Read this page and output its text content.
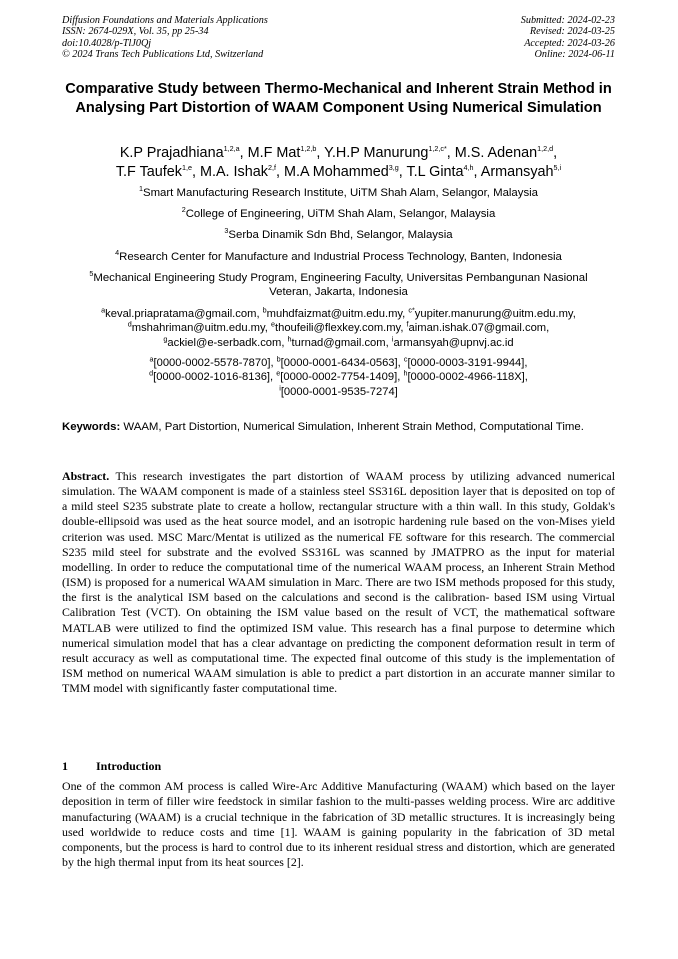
Diffusion Foundations and Materials Applications
ISSN: 2674-029X, Vol. 35, pp 25-34
doi:10.4028/p-TlJ0Qj
© 2024 Trans Tech Publications Ltd, Switzerland
Submitted: 2024-02-23
Revised: 2024-03-25
Accepted: 2024-03-26
Online: 2024-06-11
Comparative Study between Thermo-Mechanical and Inherent Strain Method in Analysing Part Distortion of WAAM Component Using Numerical Simulation
K.P Prajadhiana$^{1,2,a}$, M.F Mat$^{1,2,b}$, Y.H.P Manurung$^{1,2,c*}$, M.S. Adenan$^{1,2,d}$,
T.F Taufek$^{1,e}$, M.A. Ishak$^{2,f}$, M.A Mohammed$^{3,g}$, T.L Ginta$^{4,h}$, Armansyah$^{5,i}$
$^1$Smart Manufacturing Research Institute, UiTM Shah Alam, Selangor, Malaysia
$^2$College of Engineering, UiTM Shah Alam, Selangor, Malaysia
$^3$Serba Dinamik Sdn Bhd, Selangor, Malaysia
$^4$Research Center for Manufacture and Industrial Process Technology, Banten, Indonesia
$^5$Mechanical Engineering Study Program, Engineering Faculty, Universitas Pembangunan Nasional Veteran, Jakarta, Indonesia
$^a$keval.priapratama@gmail.com, $^b$muhdfaizmat@uitm.edu.my, $^{c*}$yupiter.manurung@uitm.edu.my,
$^d$mshahriman@uitm.edu.my, $^e$thoufeili@flexkey.com.my, $^f$aiman.ishak.07@gmail.com,
$^g$ackiel@e-serbadk.com, $^h$turnad@gmail.com, $^i$armansyah@upnvj.ac.id
$^a$[0000-0002-5578-7870], $^b$[0000-0001-6434-0563], $^c$[0000-0003-3191-9944],
$^d$[0000-0002-1016-8136], $^e$[0000-0002-7754-1409], $^h$[0000-0002-4966-118X],
$^i$[0000-0001-9535-7274]
Keywords: WAAM, Part Distortion, Numerical Simulation, Inherent Strain Method, Computational Time.
Abstract. This research investigates the part distortion of WAAM process by utilizing advanced numerical simulation. The WAAM component is made of a stainless steel SS316L deposition layer that is deposited on top of a mild steel S235 substrate plate to create a hollow, rectangular structure with a thin wall. In this study, Goldak's double-ellipsoid was used as the heat source model, and an isotropic hardening rule based on the von-Mises yield criterion was used. MSC Marc/Mentat is utilized as the numerical FE software for this research. The commercial S235 mild steel for substrate and the evolved SS316L was scanned by JMATPRO as the input for material modelling. In order to reduce the computational time of the numerical WAAM process, an Inherent Strain Method (ISM) is proposed for a numerical WAAM simulation in Marc. There are two ISM methods proposed for this study, the first is the analytical ISM based on the calculations and second is the calibration- based ISM using Virtual Calibration Test (VCT). On obtaining the ISM value based on the result of VCT, the mathematical software MATLAB were utilized to find the optimized ISM value. This research has a final purpose to determine which numerical simulation model that has a clear advantage on predicting the component deformation result in term of result accuracy as well as computational time. The expected final outcome of this study is the implementation of ISM method on numerical WAAM simulation is able to predict a part distortion in an accurate manner similar to TMM model with significantly faster computational time.
1 Introduction
One of the common AM process is called Wire-Arc Additive Manufacturing (WAAM) which based on the layer deposition in term of filler wire feedstock in similar fashion to the multi-passes welding process. Wire arc additive manufacturing (WAAM) is a crucial technique in the fabrication of 3D metallic structures. It is increasingly being used worldwide to reduce costs and time [1]. WAAM is gaining popularity in the fabrication of 3D metal components, but the process is hard to control due to its inherent residual stress and distortion, which are generated by the high thermal input from its heat sources [2].
